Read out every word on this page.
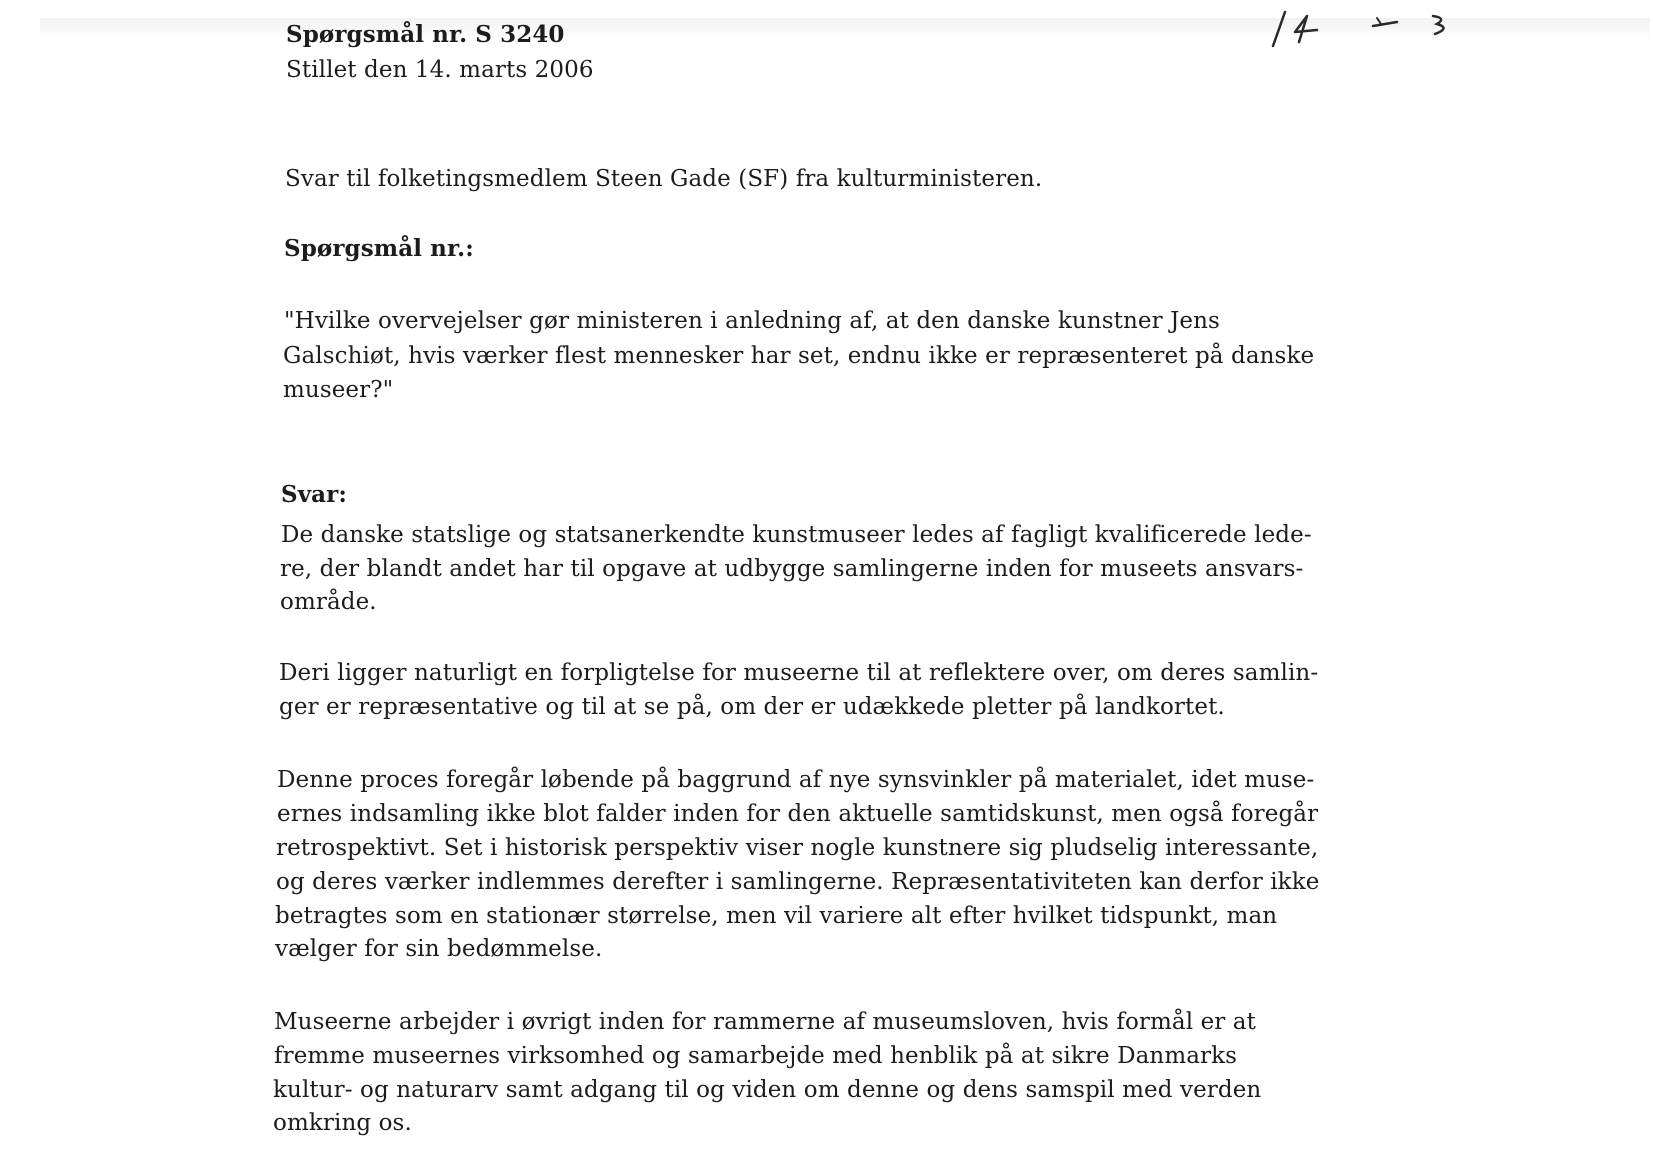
Spørgsmål nr. S 3240

Stillet den 14. marts 2006

Svar til folketingsmedlem Steen Gade (SF) fra kulturministeren.

Spørgsmål nr.:

"Hvilke overvejelser gør ministeren i anledning af, at den danske kunstner Jens

Galschiøt, hvis værker flest mennesker har set, endnu ikke er repræsenteret på danske

museer?"

Svar:

De danske statslige og statsanerkendte kunstmuseer ledes af fagligt kvalificerede lede-

re, der blandt andet har til opgave at udbygge samlingerne inden for museets ansvars-

område.

Deri ligger naturligt en forpligtelse for museerne til at reflektere over, om deres samlin-

ger er repræsentative og til at se på, om der er udækkede pletter på landkortet.

Denne proces foregår løbende på baggrund af nye synsvinkler på materialet, idet muse-

ernes indsamling ikke blot falder inden for den aktuelle samtidskunst, men også foregår

retrospektivt. Set i historisk perspektiv viser nogle kunstnere sig pludselig interessante,

og deres værker indlemmes derefter i samlingerne. Repræsentativiteten kan derfor ikke

betragtes som en stationær størrelse, men vil variere alt efter hvilket tidspunkt, man

vælger for sin bedømmelse.

Museerne arbejder i øvrigt inden for rammerne af museumsloven, hvis formål er at

fremme museernes virksomhed og samarbejde med henblik på at sikre Danmarks

kultur- og naturarv samt adgang til og viden om denne og dens samspil med verden

omkring os.
